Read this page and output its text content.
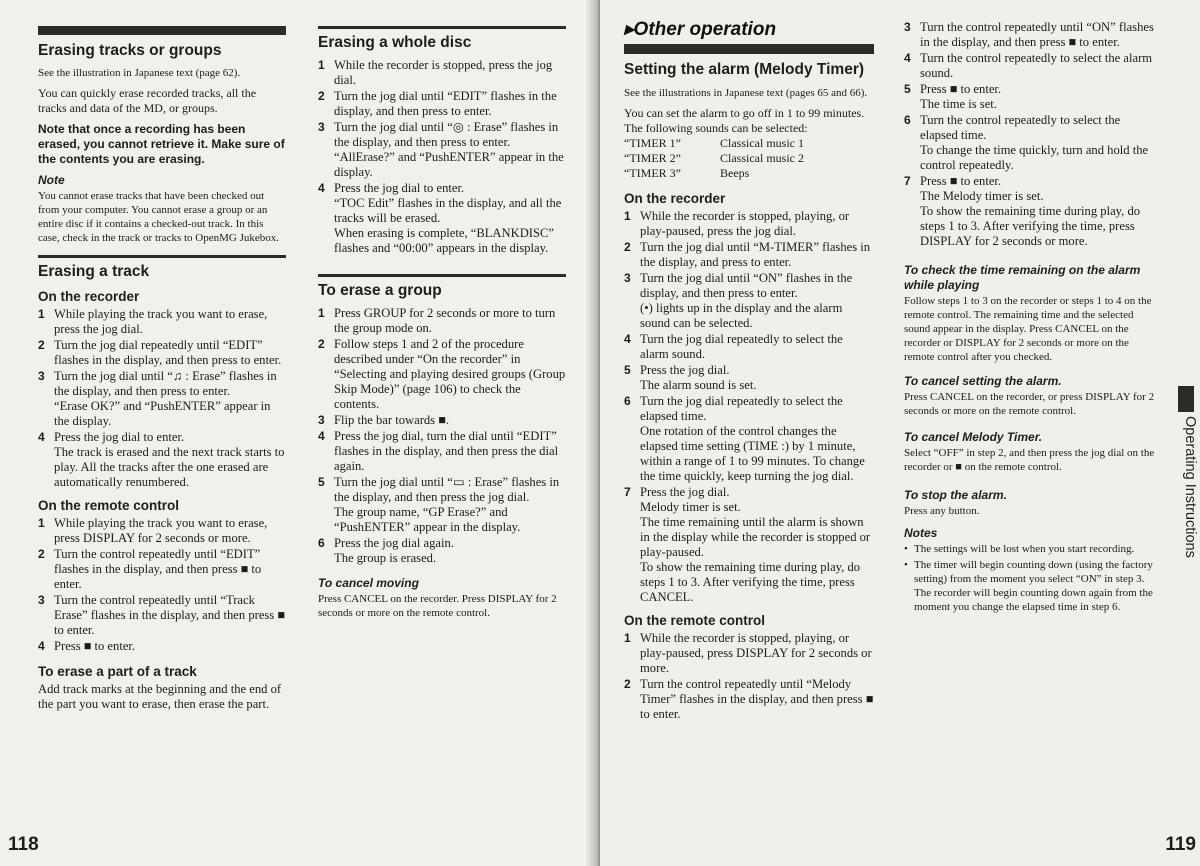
Erasing tracks or groups

See the illustration in Japanese text (page 62).

You can quickly erase recorded tracks, all the tracks and data of the MD, or groups.

Note that once a recording has been erased, you cannot retrieve it. Make sure of the contents you are erasing.

Note

You cannot erase tracks that have been checked out from your computer. You cannot erase a group or an entire disc if it contains a checked-out track. In this case, check in the track or tracks to OpenMG Jukebox.

Erasing a track
On the recorder
1 While playing the track you want to erase, press the jog dial.
2 Turn the jog dial repeatedly until “EDIT” flashes in the display, and then press to enter.
3 Turn the jog dial until “♫ : Erase” flashes in the display, and then press to enter.
“Erase OK?” and “PushENTER” appear in the display.
4 Press the jog dial to enter.
The track is erased and the next track starts to play. All the tracks after the one erased are automatically renumbered.
On the remote control
1 While playing the track you want to erase, press DISPLAY for 2 seconds or more.
2 Turn the control repeatedly until “EDIT” flashes in the display, and then press ■ to enter.
3 Turn the control repeatedly until “Track Erase” flashes in the display, and then press ■ to enter.
4 Press ■ to enter.
To erase a part of a track

Add track marks at the beginning and the end of the part you want to erase, then erase the part.

Erasing a whole disc
1 While the recorder is stopped, press the jog dial.
2 Turn the jog dial until “EDIT” flashes in the display, and then press to enter.
3 Turn the jog dial until “◎ : Erase” flashes in the display, and then press to enter.
“AllErase?” and “PushENTER” appear in the display.
4 Press the jog dial to enter.
“TOC Edit” flashes in the display, and all the tracks will be erased.
When erasing is complete, “BLANKDISC” flashes and “00:00” appears in the display.
To erase a group
1 Press GROUP for 2 seconds or more to turn the group mode on.
2 Follow steps 1 and 2 of the procedure described under “On the recorder” in “Selecting and playing desired groups (Group Skip Mode)” (page 106) to check the contents.
3 Flip the bar towards ■.
4 Press the jog dial, turn the dial until “EDIT” flashes in the display, and then press the dial again.
5 Turn the jog dial until “▭ : Erase” flashes in the display, and then press the jog dial.
The group name, “GP Erase?” and “PushENTER” appear in the display.
6 Press the jog dial again.
The group is erased.
To cancel moving

Press CANCEL on the recorder. Press DISPLAY for 2 seconds or more on the remote control.

118
▸Other operation
Setting the alarm (Melody Timer)

See the illustrations in Japanese text (pages 65 and 66).

You can set the alarm to go off in 1 to 99 minutes.

The following sounds can be selected:

“TIMER 1”	Classical music 1
“TIMER 2”	Classical music 2
“TIMER 3”	Beeps
On the recorder
1 While the recorder is stopped, playing, or play-paused, press the jog dial.
2 Turn the jog dial until “M-TIMER” flashes in the display, and press to enter.
3 Turn the jog dial until “ON” flashes in the display, and then press to enter.
(•) lights up in the display and the alarm sound can be selected.
4 Turn the jog dial repeatedly to select the alarm sound.
5 Press the jog dial.
The alarm sound is set.
6 Turn the jog dial repeatedly to select the elapsed time.
One rotation of the control changes the elapsed time setting (TIME :) by 1 minute, within a range of 1 to 99 minutes. To change the time quickly, keep turning the jog dial.
7 Press the jog dial.
Melody timer is set.
The time remaining until the alarm is shown in the display while the recorder is stopped or play-paused.
To show the remaining time during play, do steps 1 to 3. After verifying the time, press CANCEL.
On the remote control
1 While the recorder is stopped, playing, or play-paused, press DISPLAY for 2 seconds or more.
2 Turn the control repeatedly until “Melody Timer” flashes in the display, and then press ■ to enter.
3 Turn the control repeatedly until “ON” flashes in the display, and then press ■ to enter.
4 Turn the control repeatedly to select the alarm sound.
5 Press ■ to enter.
The time is set.
6 Turn the control repeatedly to select the elapsed time.
To change the time quickly, turn and hold the control repeatedly.
7 Press ■ to enter.
The Melody timer is set.
To show the remaining time during play, do steps 1 to 3. After verifying the time, press DISPLAY for 2 seconds or more.
To check the time remaining on the alarm while playing

Follow steps 1 to 3 on the recorder or steps 1 to 4 on the remote control. The remaining time and the selected sound appear in the display. Press CANCEL on the recorder or DISPLAY for 2 seconds or more on the remote control after you checked.

To cancel setting the alarm.

Press CANCEL on the recorder, or press DISPLAY for 2 seconds or more on the remote control.

To cancel Melody Timer.

Select “OFF” in step 2, and then press the jog dial on the recorder or ■ on the remote control.

To stop the alarm.

Press any button.

Notes
• The settings will be lost when you start recording.
• The timer will begin counting down (using the factory setting) from the moment you select “ON” in step 3. The recorder will begin counting down again from the moment you change the elapsed time in step 6.
Operating Instructions
119
